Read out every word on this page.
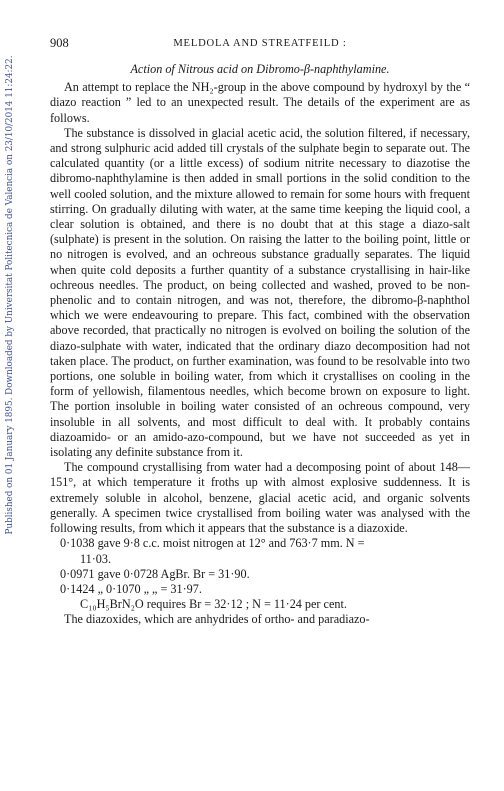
Published on 01 January 1895. Downloaded by Universitat Politecnica de Valencia on 23/10/2014 11:24:22.
908	MELDOLA AND STREATFEILD :
Action of Nitrous acid on Dibromo-β-naphthylamine.

An attempt to replace the NH₂-group in the above compound by hydroxyl by the “ diazo reaction ” led to an unexpected result. The details of the experiment are as follows.

The substance is dissolved in glacial acetic acid, the solution filtered, if necessary, and strong sulphuric acid added till crystals of the sulphate begin to separate out. The calculated quantity (or a little excess) of sodium nitrite necessary to diazotise the dibromo-naphthylamine is then added in small portions in the solid condition to the well cooled solution, and the mixture allowed to remain for some hours with frequent stirring. On gradually diluting with water, at the same time keeping the liquid cool, a clear solution is obtained, and there is no doubt that at this stage a diazo-salt (sulphate) is present in the solution. On raising the latter to the boiling point, little or no nitrogen is evolved, and an ochreous substance gradually separates. The liquid when quite cold deposits a further quantity of a substance crystallising in hair-like ochreous needles. The product, on being collected and washed, proved to be non-phenolic and to contain nitrogen, and was not, therefore, the dibromo-β-naphthol which we were endeavouring to prepare. This fact, combined with the observation above recorded, that practically no nitrogen is evolved on boiling the solution of the diazo-sulphate with water, indicated that the ordinary diazo decomposition had not taken place. The product, on further examination, was found to be resolvable into two portions, one soluble in boiling water, from which it crystallises on cooling in the form of yellowish, filamentous needles, which become brown on exposure to light. The portion insoluble in boiling water consisted of an ochreous compound, very insoluble in all solvents, and most difficult to deal with. It probably contains diazoamido- or an amido-azo-compound, but we have not succeeded as yet in isolating any definite substance from it.

The compound crystallising from water had a decomposing point of about 148—151°, at which temperature it froths up with almost explosive suddenness. It is extremely soluble in alcohol, benzene, glacial acetic acid, and organic solvents generally. A specimen twice crystallised from boiling water was analysed with the following results, from which it appears that the substance is a diazoxide.

0·1038 gave 9·8 c.c. moist nitrogen at 12° and 763·7 mm. N =
11·03.
0·0971 gave 0·0728 AgBr. Br = 31·90.
0·1424 „ 0·1070 „ „ = 31·97.
C₁₀H₅BrN₂O requires Br = 32·12 ; N = 11·24 per cent.

The diazoxides, which are anhydrides of ortho- and paradiazo-
